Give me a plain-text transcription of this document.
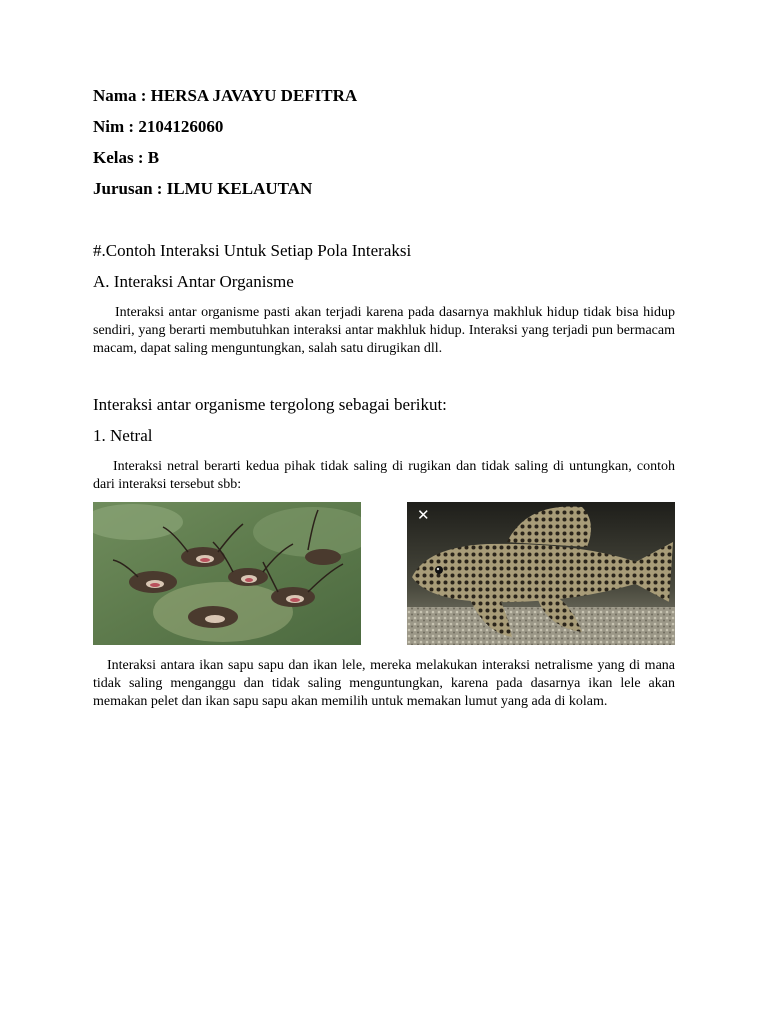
Nama : HERSA JAVAYU DEFITRA
Nim : 2104126060
Kelas : B
Jurusan : ILMU KELAUTAN
#.Contoh Interaksi Untuk Setiap Pola Interaksi
A. Interaksi Antar Organisme
Interaksi antar organisme pasti akan terjadi karena pada dasarnya makhluk hidup tidak bisa hidup sendiri, yang berarti membutuhkan interaksi antar makhluk hidup. Interaksi yang terjadi pun bermacam macam, dapat saling menguntungkan, salah satu dirugikan dll.
Interaksi antar organisme tergolong sebagai berikut:
1. Netral
Interaksi netral berarti kedua pihak tidak saling di rugikan dan tidak saling di untungkan, contoh dari interaksi tersebut sbb:
Interaksi antara ikan sapu sapu dan ikan lele, mereka melakukan interaksi netralisme yang di mana tidak saling menganggu dan tidak saling menguntungkan, karena pada dasarnya ikan lele akan memakan pelet dan ikan sapu sapu akan memilih untuk memakan lumut yang ada di kolam.
✕
